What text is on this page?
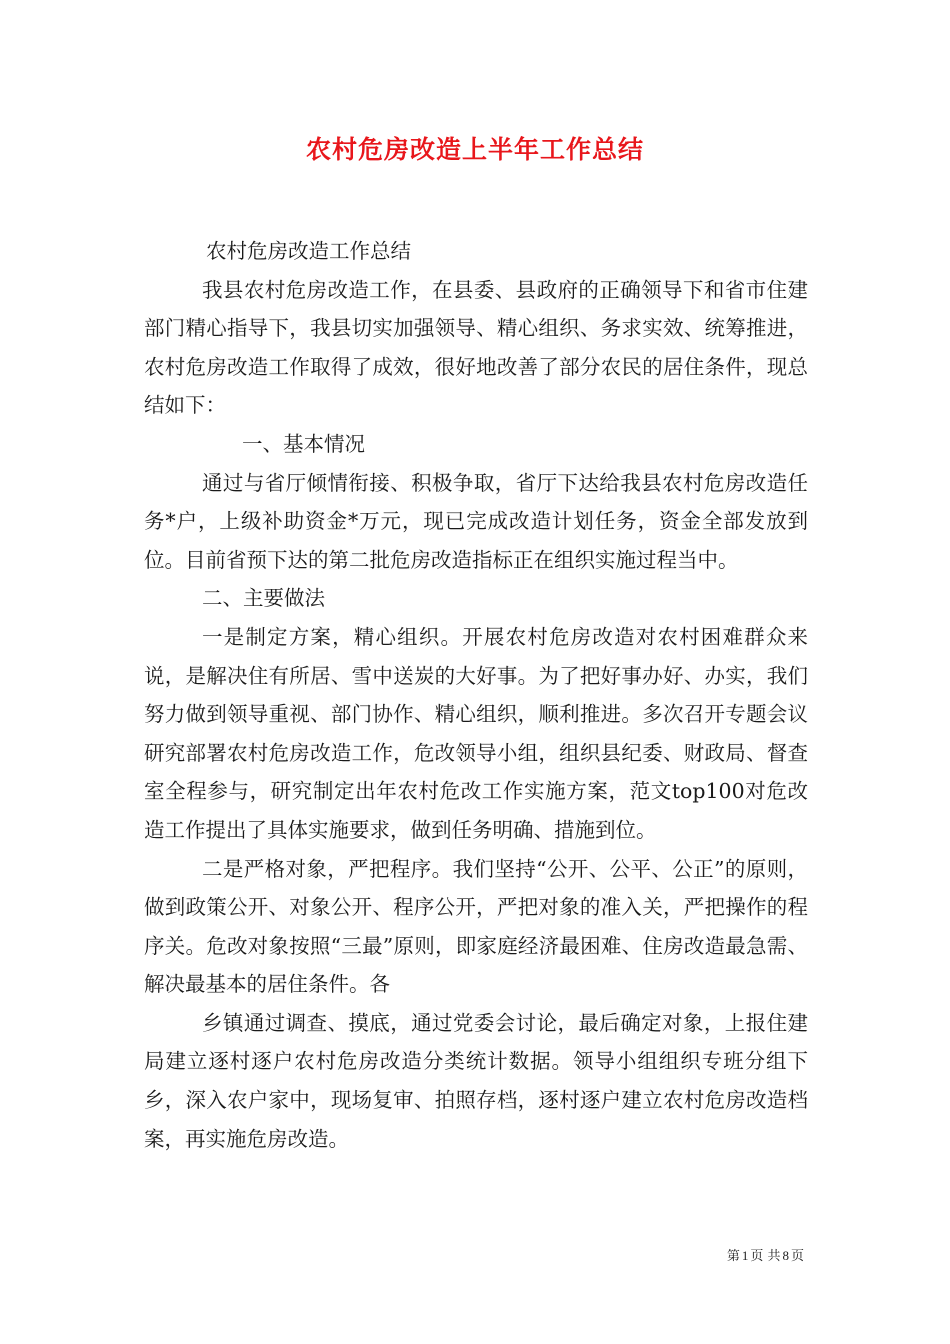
农村危房改造上半年工作总结

农村危房改造工作总结

我县农村危房改造工作，在县委、县政府的正确领导下和省市住建部门精心指导下，我县切实加强领导、精心组织、务求实效、统筹推进，农村危房改造工作取得了成效，很好地改善了部分农民的居住条件，现总结如下：

一、基本情况

通过与省厅倾情衔接、积极争取，省厅下达给我县农村危房改造任务*户，上级补助资金*万元，现已完成改造计划任务，资金全部发放到位。目前省预下达的第二批危房改造指标正在组织实施过程当中。

二、主要做法

一是制定方案，精心组织。开展农村危房改造对农村困难群众来说，是解决住有所居、雪中送炭的大好事。为了把好事办好、办实，我们努力做到领导重视、部门协作、精心组织，顺利推进。多次召开专题会议研究部署农村危房改造工作，危改领导小组，组织县纪委、财政局、督查室全程参与，研究制定出年农村危改工作实施方案，范文top100对危改造工作提出了具体实施要求，做到任务明确、措施到位。

二是严格对象，严把程序。我们坚持“公开、公平、公正”的原则，做到政策公开、对象公开、程序公开，严把对象的准入关，严把操作的程序关。危改对象按照“三最”原则，即家庭经济最困难、住房改造最急需、解决最基本的居住条件。各

乡镇通过调查、摸底，通过党委会讨论，最后确定对象，上报住建局建立逐村逐户农村危房改造分类统计数据。领导小组组织专班分组下乡，深入农户家中，现场复审、拍照存档，逐村逐户建立农村危房改造档案，再实施危房改造。

第 1 页 共 8 页
